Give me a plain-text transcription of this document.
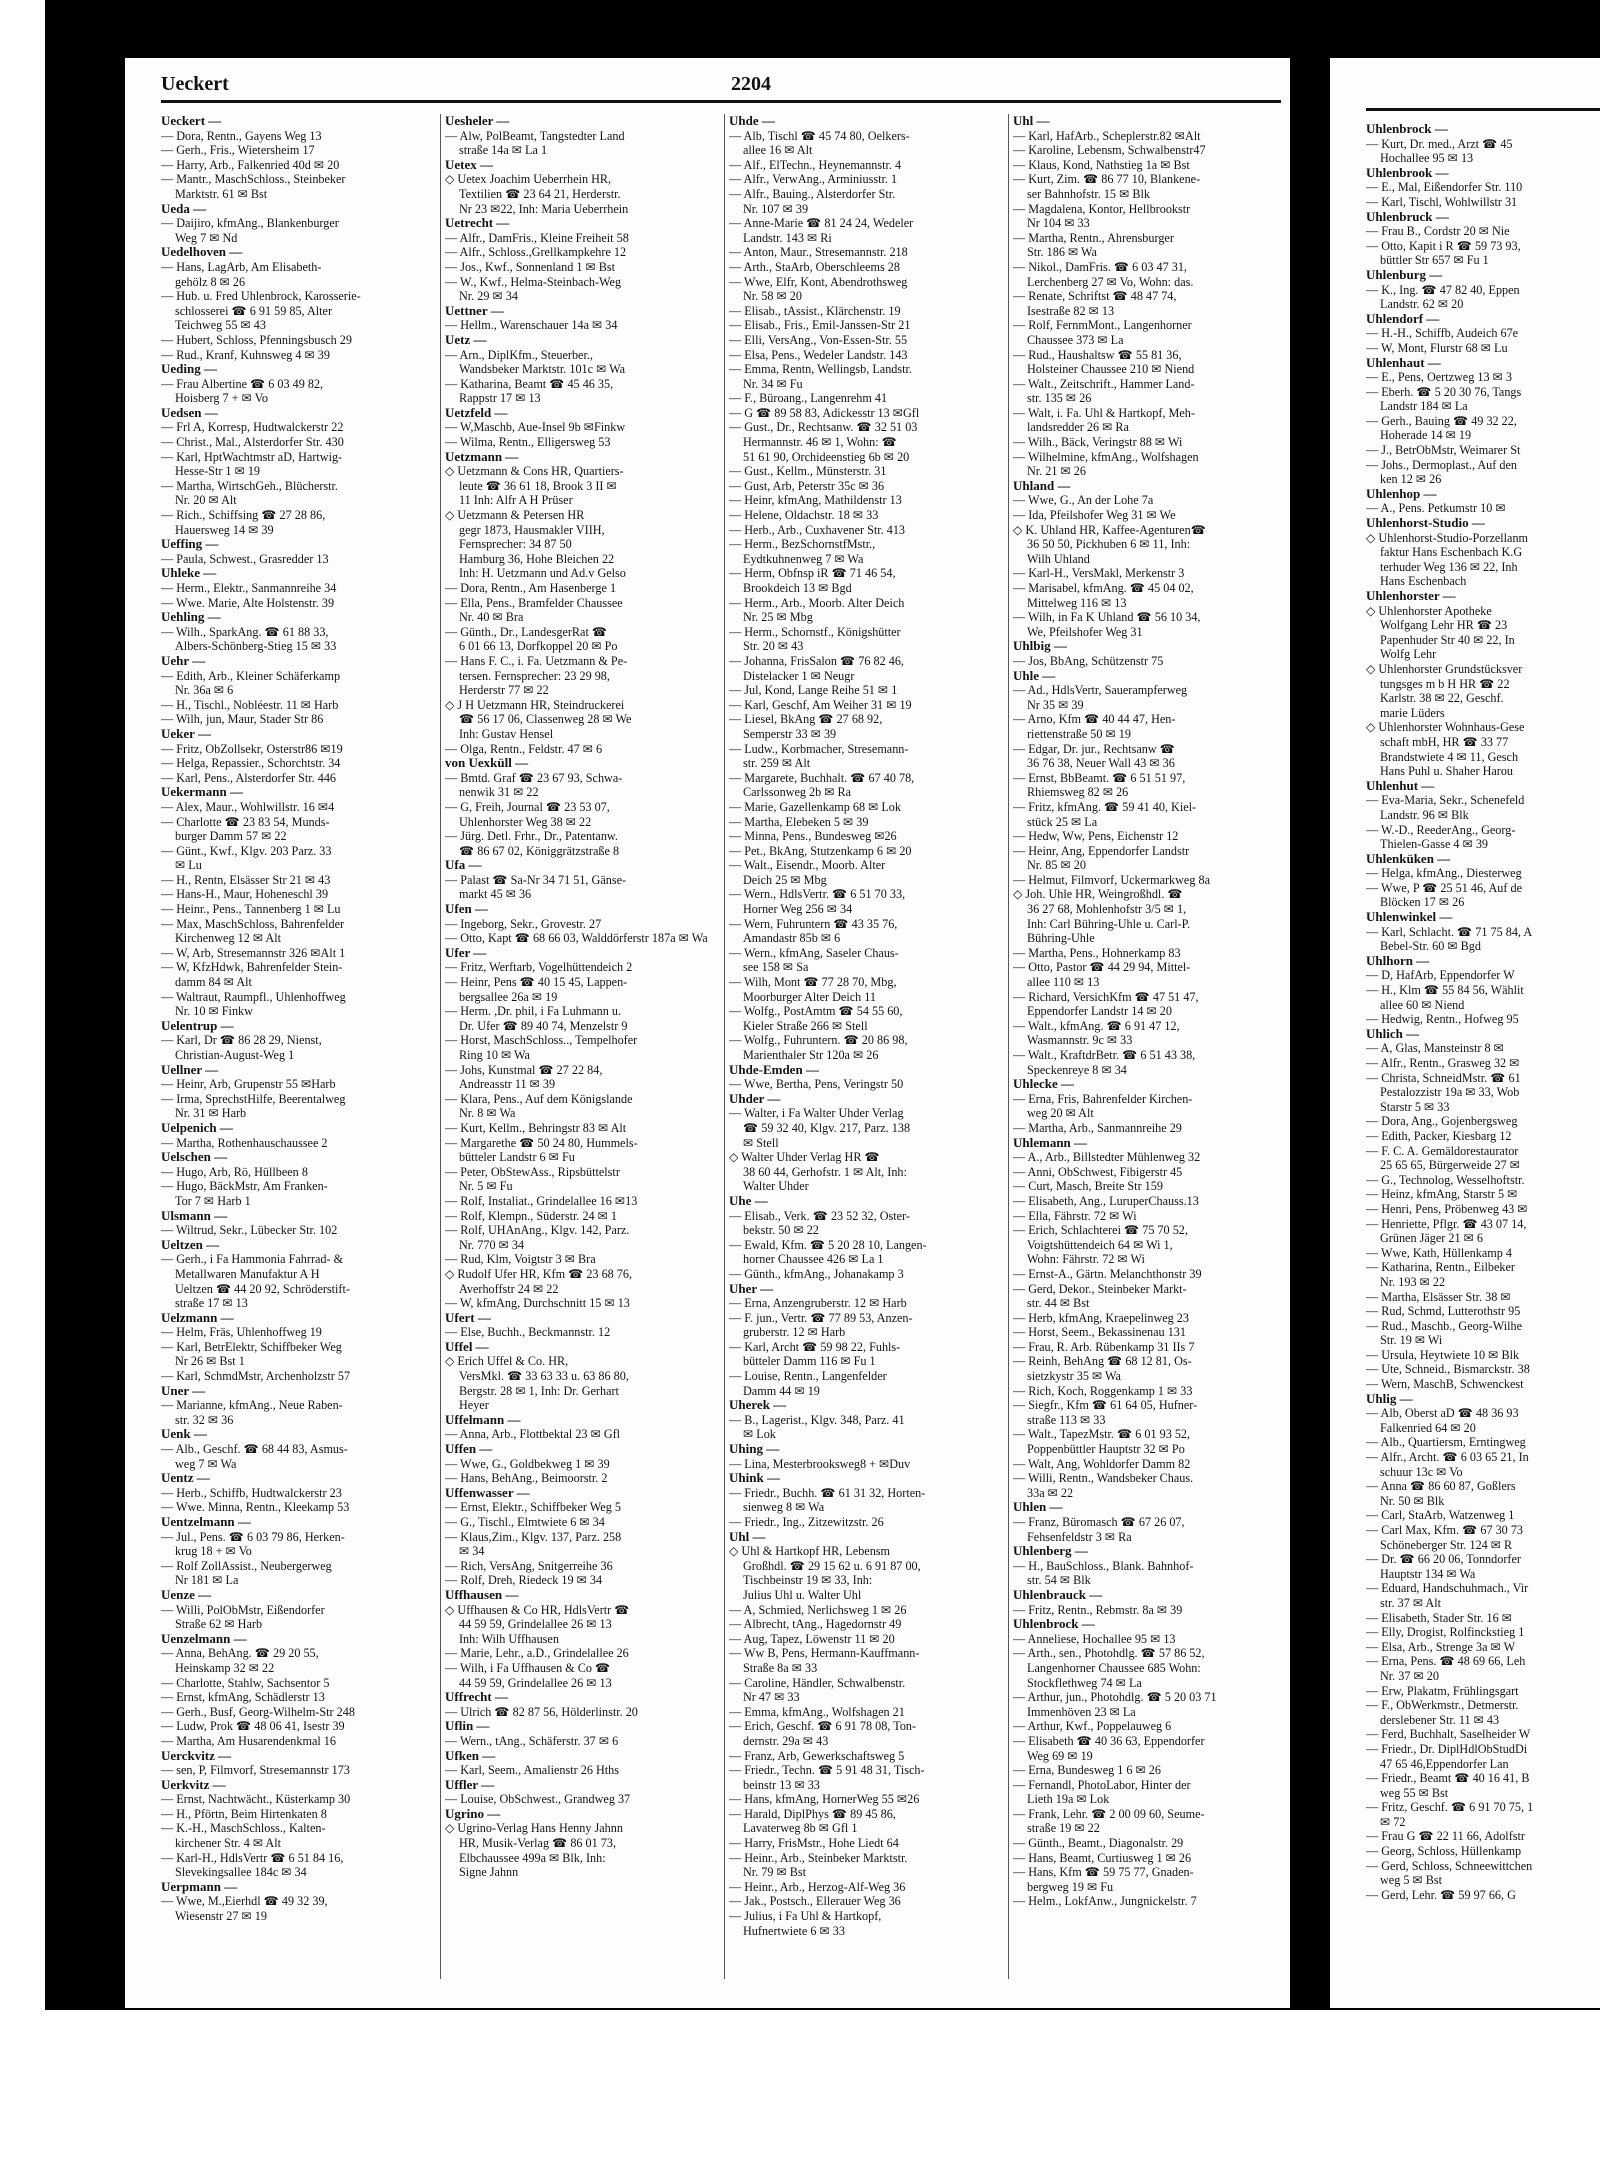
Ueckert	2204
Ueckert —
— Dora, Rentn., Gayens Weg 13
— Gerh., Fris., Wietersheim 17
— Harry, Arb., Falkenried 40d ✉ 20
— Mantr., MaschSchloss., Steinbeker
Marktstr. 61 ✉ Bst
Ueda —
— Daijiro, kfmAng., Blankenburger
Weg 7 ✉ Nd
Uedelhoven —
— Hans, LagArb, Am Elisabeth-
gehölz 8 ✉ 26
— Hub. u. Fred Uhlenbrock, Karosserie-
schlosserei ☎ 6 91 59 85, Alter
Teichweg 55 ✉ 43
— Hubert, Schloss, Pfenningsbusch 29
— Rud., Kranf, Kuhnsweg 4 ✉ 39
Ueding —
— Frau Albertine ☎ 6 03 49 82,
Hoisberg 7 + ✉ Vo
Uedsen —
— Frl A, Korresp, Hudtwalckerstr 22
— Christ., Mal., Alsterdorfer Str. 430
— Karl, HptWachtmstr aD, Hartwig-
Hesse-Str 1 ✉ 19
— Martha, WirtschGeh., Blücherstr.
Nr. 20 ✉ Alt
— Rich., Schiffsing ☎ 27 28 86,
Hauersweg 14 ✉ 39
Ueffing —
— Paula, Schwest., Grasredder 13
Uhleke —
— Herm., Elektr., Sanmannreihe 34
— Wwe. Marie, Alte Holstenstr. 39
Uehling —
— Wilh., SparkAng. ☎ 61 88 33,
Albers-Schönberg-Stieg 15 ✉ 33
Uehr —
— Edith, Arb., Kleiner Schäferkamp
Nr. 36a ✉ 6
— H., Tischl., Nobléestr. 11 ✉ Harb
— Wilh, jun, Maur, Stader Str 86
Ueker —
— Fritz, ObZollsekr, Osterstr86 ✉19
— Helga, Repassier., Schorchtstr. 34
— Karl, Pens., Alsterdorfer Str. 446
Uekermann —
— Alex, Maur., Wohlwillstr. 16 ✉4
— Charlotte ☎ 23 83 54, Munds-
burger Damm 57 ✉ 22
— Günt., Kwf., Klgv. 203 Parz. 33
✉ Lu
— H., Rentn, Elsässer Str 21 ✉ 43
— Hans-H., Maur, Hoheneschl 39
— Heinr., Pens., Tannenberg 1 ✉ Lu
— Max, MaschSchloss, Bahrenfelder
Kirchenweg 12 ✉ Alt
— W, Arb, Stresemannstr 326 ✉Alt 1
— W, KfzHdwk, Bahrenfelder Stein-
damm 84 ✉ Alt
— Waltraut, Raumpfl., Uhlenhoffweg
Nr. 10 ✉ Finkw
Uelentrup —
— Karl, Dr ☎ 86 28 29, Nienst,
Christian-August-Weg 1
Uellner —
— Heinr, Arb, Grupenstr 55 ✉Harb
— Irma, SprechstHilfe, Beerentalweg
Nr. 31 ✉ Harb
Uelpenich —
— Martha, Rothenhauschaussee 2
Uelschen —
— Hugo, Arb, Rö, Hüllbeen 8
— Hugo, BäckMstr, Am Franken-
Tor 7 ✉ Harb 1
Ulsmann —
— Wiltrud, Sekr., Lübecker Str. 102
Ueltzen —
— Gerh., i Fa Hammonia Fahrrad- &
Metallwaren Manufaktur A H
Ueltzen ☎ 44 20 92, Schröderstift-
straße 17 ✉ 13
Uelzmann —
— Helm, Fräs, Uhlenhoffweg 19
— Karl, BetrElektr, Schiffbeker Weg
Nr 26 ✉ Bst 1
— Karl, SchmdMstr, Archenholzstr 57
Uner —
— Marianne, kfmAng., Neue Raben-
str. 32 ✉ 36
Uenk —
— Alb., Geschf. ☎ 68 44 83, Asmus-
weg 7 ✉ Wa
Uentz —
— Herb., Schiffb, Hudtwalckerstr 23
— Wwe. Minna, Rentn., Kleekamp 53
Uentzelmann —
— Jul., Pens. ☎ 6 03 79 86, Herken-
krug 18 + ✉ Vo
— Rolf ZollAssist., Neubergerweg
Nr 181 ✉ La
Uenze —
— Willi, PolObMstr, Eißendorfer
Straße 62 ✉ Harb
Uenzelmann —
— Anna, BehAng. ☎ 29 20 55,
Heinskamp 32 ✉ 22
— Charlotte, Stahlw, Sachsentor 5
— Ernst, kfmAng, Schädlerstr 13
— Gerh., Busf, Georg-Wilhelm-Str 248
— Ludw, Prok ☎ 48 06 41, Isestr 39
— Martha, Am Husarendenkmal 16
Uerckvitz —
— sen, P, Filmvorf, Stresemannstr 173
Uerkvitz —
— Ernst, Nachtwächt., Küsterkamp 30
— H., Pförtn, Beim Hirtenkaten 8
— K.-H., MaschSchloss., Kalten-
kirchener Str. 4 ✉ Alt
— Karl-H., HdlsVertr ☎ 6 51 84 16,
Slevekingsallee 184c ✉ 34
Uerpmann —
— Wwe, M.,Eierhdl ☎ 49 32 39,
Wiesenstr 27 ✉ 19
Uesheler —
— Alw, PolBeamt, Tangstedter Land
straße 14a ✉ La 1
Uetex —
◇ Uetex Joachim Ueberrhein HR,
Textilien ☎ 23 64 21, Herderstr.
Nr 23 ✉22, Inh: Maria Ueberrhein
Uetrecht —
— Alfr., DamFris., Kleine Freiheit 58
— Alfr., Schloss.,Grellkampkehre 12
— Jos., Kwf., Sonnenland 1 ✉ Bst
— W., Kwf., Helma-Steinbach-Weg
Nr. 29 ✉ 34
Uettner —
— Hellm., Warenschauer 14a ✉ 34
Uetz —
— Arn., DiplKfm., Steuerber.,
Wandsbeker Marktstr. 101c ✉ Wa
— Katharina, Beamt ☎ 45 46 35,
Rappstr 17 ✉ 13
Uetzfeld —
— W,Maschb, Aue-Insel 9b ✉Finkw
— Wilma, Rentn., Elligersweg 53
Uetzmann —
◇ Uetzmann & Cons HR, Quartiers-
leute ☎ 36 61 18, Brook 3 II ✉
11 Inh: Alfr A H Prüser
◇ Uetzmann & Petersen HR
gegr 1873, Hausmakler VIIH,
Fernsprecher: 34 87 50
Hamburg 36, Hohe Bleichen 22
Inh: H. Uetzmann und Ad.v Gelso
— Dora, Rentn., Am Hasenberge 1
— Ella, Pens., Bramfelder Chaussee
Nr. 40 ✉ Bra
— Günth., Dr., LandesgerRat ☎
6 01 66 13, Dorfkoppel 20 ✉ Po
— Hans F. C., i. Fa. Uetzmann & Pe-
tersen. Fernsprecher: 23 29 98,
Herderstr 77 ✉ 22
◇ J H Uetzmann HR, Steindruckerei
☎ 56 17 06, Classenweg 28 ✉ We
Inh: Gustav Hensel
— Olga, Rentn., Feldstr. 47 ✉ 6
von Uexküll —
— Bmtd. Graf ☎ 23 67 93, Schwa-
nenwik 31 ✉ 22
— G, Freih, Journal ☎ 23 53 07,
Uhlenhorster Weg 38 ✉ 22
— Jürg. Detl. Frhr., Dr., Patentanw.
☎ 86 67 02, Königgrätzstraße 8
Ufa —
— Palast ☎ Sa-Nr 34 71 51, Gänse-
markt 45 ✉ 36
Ufen —
— Ingeborg, Sekr., Grovestr. 27
— Otto, Kapt ☎ 68 66 03, Walddörferstr 187a ✉ Wa
Ufer —
— Fritz, Werftarb, Vogelhüttendeich 2
— Heinr, Pens ☎ 40 15 45, Lappen-
bergsallee 26a ✉ 19
— Herm. ,Dr. phil, i Fa Luhmann u.
Dr. Ufer ☎ 89 40 74, Menzelstr 9
— Horst, MaschSchloss.., Tempelhofer
Ring 10 ✉ Wa
— Johs, Kunstmal ☎ 27 22 84,
Andreasstr 11 ✉ 39
— Klara, Pens., Auf dem Königslande
Nr. 8 ✉ Wa
— Kurt, Kellm., Behringstr 83 ✉ Alt
— Margarethe ☎ 50 24 80, Hummels-
bütteler Landstr 6 ✉ Fu
— Peter, ObStewAss., Ripsbüttelstr
Nr. 5 ✉ Fu
— Rolf, Instaliat., Grindelallee 16 ✉13
— Rolf, Klempn., Süderstr. 24 ✉ 1
— Rolf, UHAnAng., Klgv. 142, Parz.
Nr. 770 ✉ 34
— Rud, Klm, Voigtstr 3 ✉ Bra
◇ Rudolf Ufer HR, Kfm ☎ 23 68 76,
Averhoffstr 24 ✉ 22
— W, kfmAng, Durchschnitt 15 ✉ 13
Ufert —
— Else, Buchh., Beckmannstr. 12
Uffel —
◇ Erich Uffel & Co. HR,
VersMkl. ☎ 33 63 33 u. 63 86 80,
Bergstr. 28 ✉ 1, Inh: Dr. Gerhart
Heyer
Uffelmann —
— Anna, Arb., Flottbektal 23 ✉ Gfl
Uffen —
— Wwe, G., Goldbekweg 1 ✉ 39
— Hans, BehAng., Beimoorstr. 2
Uffenwasser —
— Ernst, Elektr., Schiffbeker Weg 5
— G., Tischl., Elmtwiete 6 ✉ 34
— Klaus,Zim., Klgv. 137, Parz. 258
✉ 34
— Rich, VersAng, Snitgerreihe 36
— Rolf, Dreh, Riedeck 19 ✉ 34
Uffhausen —
◇ Uffhausen & Co HR, HdlsVertr ☎
44 59 59, Grindelallee 26 ✉ 13
Inh: Wilh Uffhausen
— Marie, Lehr., a.D., Grindelallee 26
— Wilh, i Fa Uffhausen & Co ☎
44 59 59, Grindelallee 26 ✉ 13
Uffrecht —
— Ulrich ☎ 82 87 56, Hölderlinstr. 20
Uflin —
— Wern., tAng., Schäferstr. 37 ✉ 6
Ufken —
— Karl, Seem., Amalienstr 26 Hths
Uffler —
— Louise, ObSchwest., Grandweg 37
Ugrino —
◇ Ugrino-Verlag Hans Henny Jahnn
HR, Musik-Verlag ☎ 86 01 73,
Elbchaussee 499a ✉ Blk, Inh:
Signe Jahnn
Uhde —
— Alb, Tischl ☎ 45 74 80, Oelkers-
allee 16 ✉ Alt
— Alf., ElTechn., Heynemannstr. 4
— Alfr., VerwAng., Arminiusstr. 1
— Alfr., Bauing., Alsterdorfer Str.
Nr. 107 ✉ 39
— Anne-Marie ☎ 81 24 24, Wedeler
Landstr. 143 ✉ Ri
— Anton, Maur., Stresemannstr. 218
— Arth., StaArb, Oberschleems 28
— Wwe, Elfr, Kont, Abendrothsweg
Nr. 58 ✉ 20
— Elisab., tAssist., Klärchenstr. 19
— Elisab., Fris., Emil-Janssen-Str 21
— Elli, VersAng., Von-Essen-Str. 55
— Elsa, Pens., Wedeler Landstr. 143
— Emma, Rentn, Wellingsb, Landstr.
Nr. 34 ✉ Fu
— F., Büroang., Langenrehm 41
— G ☎ 89 58 83, Adickesstr 13 ✉Gfl
— Gust., Dr., Rechtsanw. ☎ 32 51 03
Hermannstr. 46 ✉ 1, Wohn: ☎
51 61 90, Orchideenstieg 6b ✉ 20
— Gust., Kellm., Münsterstr. 31
— Gust, Arb, Peterstr 35c ✉ 36
— Heinr, kfmAng, Mathildenstr 13
— Helene, Oldachstr. 18 ✉ 33
— Herb., Arb., Cuxhavener Str. 413
— Herm., BezSchornstfMstr.,
Eydtkuhnenweg 7 ✉ Wa
— Herm, Obfnsp iR ☎ 71 46 54,
Brookdeich 13 ✉ Bgd
— Herm., Arb., Moorb. Alter Deich
Nr. 25 ✉ Mbg
— Herm., Schornstf., Königshütter
Str. 20 ✉ 43
— Johanna, FrisSalon ☎ 76 82 46,
Distelacker 1 ✉ Neugr
— Jul, Kond, Lange Reihe 51 ✉ 1
— Karl, Geschf, Am Weiher 31 ✉ 19
— Liesel, BkAng ☎ 27 68 92,
Semperstr 33 ✉ 39
— Ludw., Korbmacher, Stresemann-
str. 259 ✉ Alt
— Margarete, Buchhalt. ☎ 67 40 78,
Carlssonweg 2b ✉ Ra
— Marie, Gazellenkamp 68 ✉ Lok
— Martha, Elebeken 5 ✉ 39
— Minna, Pens., Bundesweg ✉26
— Pet., BkAng, Stutzenkamp 6 ✉ 20
— Walt., Eisendr., Moorb. Alter
Deich 25 ✉ Mbg
— Wern., HdlsVertr. ☎ 6 51 70 33,
Horner Weg 256 ✉ 34
— Wern, Fuhruntern ☎ 43 35 76,
Amandastr 85b ✉ 6
— Wern., kfmAng, Saseler Chaus-
see 158 ✉ Sa
— Wilh, Mont ☎ 77 28 70, Mbg,
Moorburger Alter Deich 11
— Wolfg., PostAmtm ☎ 54 55 60,
Kieler Straße 266 ✉ Stell
— Wolfg., Fuhruntern. ☎ 20 86 98,
Marienthaler Str 120a ✉ 26
Uhde-Emden —
— Wwe, Bertha, Pens, Veringstr 50
Uhder —
— Walter, i Fa Walter Uhder Verlag
☎ 59 32 40, Klgv. 217, Parz. 138
✉ Stell
◇ Walter Uhder Verlag HR ☎
38 60 44, Gerhofstr. 1 ✉ Alt, Inh:
Walter Uhder
Uhe —
— Elisab., Verk. ☎ 23 52 32, Oster-
bekstr. 50 ✉ 22
— Ewald, Kfm. ☎ 5 20 28 10, Langen-
horner Chaussee 426 ✉ La 1
— Günth., kfmAng., Johanakamp 3
Uher —
— Erna, Anzengruberstr. 12 ✉ Harb
— F. jun., Vertr. ☎ 77 89 53, Anzen-
gruberstr. 12 ✉ Harb
— Karl, Archt ☎ 59 98 22, Fuhls-
bütteler Damm 116 ✉ Fu 1
— Louise, Rentn., Langenfelder
Damm 44 ✉ 19
Uherek —
— B., Lagerist., Klgv. 348, Parz. 41
✉ Lok
Uhing —
— Lina, Mesterbrooksweg8 + ✉Duv
Uhink —
— Friedr., Buchh. ☎ 61 31 32, Horten-
sienweg 8 ✉ Wa
— Friedr., Ing., Zitzewitzstr. 26
Uhl —
◇ Uhl & Hartkopf HR, Lebensm
Großhdl. ☎ 29 15 62 u. 6 91 87 00,
Tischbeinstr 19 ✉ 33, Inh:
Julius Uhl u. Walter Uhl
— A, Schmied, Nerlichsweg 1 ✉ 26
— Albrecht, tAng., Hagedornstr 49
— Aug, Tapez, Löwenstr 11 ✉ 20
— Ww B, Pens, Hermann-Kauffmann-
Straße 8a ✉ 33
— Caroline, Händler, Schwalbenstr.
Nr 47 ✉ 33
— Emma, kfmAng., Wolfshagen 21
— Erich, Geschf. ☎ 6 91 78 08, Ton-
dernstr. 29a ✉ 43
— Franz, Arb, Gewerkschaftsweg 5
— Friedr., Techn. ☎ 5 91 48 31, Tisch-
beinstr 13 ✉ 33
— Hans, kfmAng, HornerWeg 55 ✉26
— Harald, DiplPhys ☎ 89 45 86,
Lavaterweg 8b ✉ Gfl 1
— Harry, FrisMstr., Hohe Liedt 64
— Heinr., Arb., Steinbeker Marktstr.
Nr. 79 ✉ Bst
— Heinr., Arb., Herzog-Alf-Weg 36
— Jak., Postsch., Ellerauer Weg 36
— Julius, i Fa Uhl & Hartkopf,
Hufnertwiete 6 ✉ 33
Uhl —
— Karl, HafArb., Scheplerstr.82 ✉Alt
— Karoline, Lebensm, Schwalbenstr47
— Klaus, Kond, Nathstieg 1a ✉ Bst
— Kurt, Zim. ☎ 86 77 10, Blankene-
ser Bahnhofstr. 15 ✉ Blk
— Magdalena, Kontor, Hellbrookstr
Nr 104 ✉ 33
— Martha, Rentn., Ahrensburger
Str. 186 ✉ Wa
— Nikol., DamFris. ☎ 6 03 47 31,
Lerchenberg 27 ✉ Vo, Wohn: das.
— Renate, Schriftst ☎ 48 47 74,
Isestraße 82 ✉ 13
— Rolf, FernmMont., Langenhorner
Chaussee 373 ✉ La
— Rud., Haushaltsw ☎ 55 81 36,
Holsteiner Chaussee 210 ✉ Niend
— Walt., Zeitschrift., Hammer Land-
str. 135 ✉ 26
— Walt, i. Fa. Uhl & Hartkopf, Meh-
landsredder 26 ✉ Ra
— Wilh., Bäck, Veringstr 88 ✉ Wi
— Wilhelmine, kfmAng., Wolfshagen
Nr. 21 ✉ 26
Uhland —
— Wwe, G., An der Lohe 7a
— Ida, Pfeilshofer Weg 31 ✉ We
◇ K. Uhland HR, Kaffee-Agenturen☎
36 50 50, Pickhuben 6 ✉ 11, Inh:
Wilh Uhland
— Karl-H., VersMakl, Merkenstr 3
— Marisabel, kfmAng. ☎ 45 04 02,
Mittelweg 116 ✉ 13
— Wilh, in Fa K Uhland ☎ 56 10 34,
We, Pfeilshofer Weg 31
Uhlbig —
— Jos, BbAng, Schützenstr 75
Uhle —
— Ad., HdlsVertr, Sauerampferweg
Nr 35 ✉ 39
— Arno, Kfm ☎ 40 44 47, Hen-
riettenstraße 50 ✉ 19
— Edgar, Dr. jur., Rechtsanw ☎
36 76 38, Neuer Wall 43 ✉ 36
— Ernst, BbBeamt. ☎ 6 51 51 97,
Rhiemsweg 82 ✉ 26
— Fritz, kfmAng. ☎ 59 41 40, Kiel-
stück 25 ✉ La
— Hedw, Ww, Pens, Eichenstr 12
— Heinr, Ang, Eppendorfer Landstr
Nr. 85 ✉ 20
— Helmut, Filmvorf, Uckermarkweg 8a
◇ Joh. Uhle HR, Weingroßhdl. ☎
36 27 68, Mohlenhofstr 3/5 ✉ 1,
Inh: Carl Bühring-Uhle u. Carl-P.
Bühring-Uhle
— Martha, Pens., Hohnerkamp 83
— Otto, Pastor ☎ 44 29 94, Mittel-
allee 110 ✉ 13
— Richard, VersichKfm ☎ 47 51 47,
Eppendorfer Landstr 14 ✉ 20
— Walt., kfmAng. ☎ 6 91 47 12,
Wasmannstr. 9c ✉ 33
— Walt., KraftdrBetr. ☎ 6 51 43 38,
Speckenreye 8 ✉ 34
Uhlecke —
— Erna, Fris, Bahrenfelder Kirchen-
weg 20 ✉ Alt
— Martha, Arb., Sanmannreihe 29
Uhlemann —
— A., Arb., Billstedter Mühlenweg 32
— Anni, ObSchwest, Fibigerstr 45
— Curt, Masch, Breite Str 159
— Elisabeth, Ang., LuruperChauss.13
— Ella, Fährstr. 72 ✉ Wi
— Erich, Schlachterei ☎ 75 70 52,
Voigtshüttendeich 64 ✉ Wi 1,
Wohn: Fährstr. 72 ✉ Wi
— Ernst-A., Gärtn. Melanchthonstr 39
— Gerd, Dekor., Steinbeker Markt-
str. 44 ✉ Bst
— Herb, kfmAng, Kraepelinweg 23
— Horst, Seem., Bekassinenau 131
— Frau, R. Arb. Rübenkamp 31 IIs 7
— Reinh, BehAng ☎ 68 12 81, Os-
sietzkystr 35 ✉ Wa
— Rich, Koch, Roggenkamp 1 ✉ 33
— Siegfr., Kfm ☎ 61 64 05, Hufner-
straße 113 ✉ 33
— Walt., TapezMstr. ☎ 6 01 93 52,
Poppenbüttler Hauptstr 32 ✉ Po
— Walt, Ang, Wohldorfer Damm 82
— Willi, Rentn., Wandsbeker Chaus.
33a ✉ 22
Uhlen —
— Franz, Büromasch ☎ 67 26 07,
Fehsenfeldstr 3 ✉ Ra
Uhlenberg —
— H., BauSchloss., Blank. Bahnhof-
str. 54 ✉ Blk
Uhlenbrauck —
— Fritz, Rentn., Rebmstr. 8a ✉ 39
Uhlenbrock —
— Anneliese, Hochallee 95 ✉ 13
— Arth., sen., Photohdlg. ☎ 57 86 52,
Langenhorner Chaussee 685 Wohn:
Stockflethweg 74 ✉ La
— Arthur, jun., Photohdlg. ☎ 5 20 03 71
Immenhöven 23 ✉ La
— Arthur, Kwf., Poppelauweg 6
— Elisabeth ☎ 40 36 63, Eppendorfer
Weg 69 ✉ 19
— Erna, Bundesweg 1 6 ✉ 26
— Fernandl, PhotoLabor, Hinter der
Lieth 19a ✉ Lok
— Frank, Lehr. ☎ 2 00 09 60, Seume-
straße 19 ✉ 22
— Günth., Beamt., Diagonalstr. 29
— Hans, Beamt, Curtiusweg 1 ✉ 26
— Hans, Kfm ☎ 59 75 77, Gnaden-
bergweg 19 ✉ Fu
— Helm., LokfAnw., Jungnickelstr. 7
Uhlenbrock —
— Kurt, Dr. med., Arzt ☎ 45
Hochallee 95 ✉ 13
Uhlenbrook —
— E., Mal, Eißendorfer Str. 110
— Karl, Tischl, Wohlwillstr 31
Uhlenbruck —
— Frau B., Cordstr 20 ✉ Nie
— Otto, Kapit i R ☎ 59 73 93,
büttler Str 657 ✉ Fu 1
Uhlenburg —
— K., Ing. ☎ 47 82 40, Eppen
Landstr. 62 ✉ 20
Uhlendorf —
— H.-H., Schiffb, Audeich 67e
— W, Mont, Flurstr 68 ✉ Lu
Uhlenhaut —
— E., Pens, Oertzweg 13 ✉ 3
— Eberh. ☎ 5 20 30 76, Tangs
Landstr 184 ✉ La
— Gerh., Bauing ☎ 49 32 22,
Hoheradе 14 ✉ 19
— J., BetrObMstr, Weimarer St
— Johs., Dermoplast., Auf den
ken 12 ✉ 26
Uhlenhop —
— A., Pens. Petkumstr 10 ✉
Uhlenhorst-Studio —
◇ Uhlenhorst-Studio-Porzellanm
faktur Hans Eschenbach K.G
terhuder Weg 136 ✉ 22, Inh
Hans Eschenbach
Uhlenhorster —
◇ Uhlenhorster Apotheke
Wolfgang Lehr HR ☎ 23
Papenhuder Str 40 ✉ 22, In
Wolfg Lehr
◇ Uhlenhorster Grundstücksver
tungsges m b H HR ☎ 22
Karlstr. 38 ✉ 22, Geschf.
marie Lüders
◇ Uhlenhorster Wohnhaus-Gese
schaft mbH, HR ☎ 33 77
Brandstwiete 4 ✉ 11, Gesch
Hans Puhl u. Shaher Harou
Uhlenhut —
— Eva-Maria, Sekr., Schenefeld
Landstr. 96 ✉ Blk
— W.-D., ReederAng., Georg-
Thielen-Gasse 4 ✉ 39
Uhlenküken —
— Helga, kfmAng., Diesterweg
— Wwe, P ☎ 25 51 46, Auf de
Blöcken 17 ✉ 26
Uhlenwinkel —
— Karl, Schlacht. ☎ 71 75 84, A
Bebel-Str. 60 ✉ Bgd
Uhlhorn —
— D, HafArb, Eppendorfer W
— H., Klm ☎ 55 84 56, Wählit
allee 60 ✉ Niend
— Hedwig, Rentn., Hofweg 95
Uhlich —
— A, Glas, Mansteinstr 8 ✉
— Alfr., Rentn., Grasweg 32 ✉
— Christa, SchneidMstr. ☎ 61
Pestalozzistr 19a ✉ 33, Wob
Starstr 5 ✉ 33
— Dora, Ang., Gojenbergsweg
— Edith, Packer, Kiesbarg 12
— F. C. A. Gemäldorestaurator
25 65 65, Bürgerweide 27 ✉
— G., Technolog, Wesselhoftstr.
— Heinz, kfmAng, Starstr 5 ✉
— Henri, Pens, Pröbenweg 43 ✉
— Henriette, Pflgr. ☎ 43 07 14,
Grünen Jäger 21 ✉ 6
— Wwe, Kath, Hüllenkamp 4
— Katharina, Rentn., Eilbeker
Nr. 193 ✉ 22
— Martha, Elsässer Str. 38 ✉
— Rud, Schmd, Lutterothstr 95
— Rud., Maschb., Georg-Wilhe
Str. 19 ✉ Wi
— Ursula, Heytwiete 10 ✉ Blk
— Ute, Schneid., Bismarckstr. 38
— Wern, MaschB, Schwenckest
Uhlig —
— Alb, Oberst aD ☎ 48 36 93
Falkenried 64 ✉ 20
— Alb., Quartiersm, Erntingweg
— Alfr., Archt. ☎ 6 03 65 21, In
schuur 13c ✉ Vo
— Anna ☎ 86 60 87, Goßlers
Nr. 50 ✉ Blk
— Carl, StaArb, Watzenweg 1
— Carl Max, Kfm. ☎ 67 30 73
Schöneberger Str. 124 ✉ R
— Dr. ☎ 66 20 06, Tonndorfer
Hauptstr 134 ✉ Wa
— Eduard, Handschuhmach., Vir
str. 37 ✉ Alt
— Elisabeth, Stader Str. 16 ✉
— Elly, Drogist, Rolfinckstieg 1
— Elsa, Arb., Strenge 3a ✉ W
— Erna, Pens. ☎ 48 69 66, Leh
Nr. 37 ✉ 20
— Erw, Plakatm, Frühlingsgart
— F., ObWerkmstr., Detmerstr.
derslebener Str. 11 ✉ 43
— Ferd, Buchhalt, Saselheider W
— Friedr., Dr. DiplHdlObStudDi
47 65 46,Eppendorfer Lan
— Friedr., Beamt ☎ 40 16 41, B
weg 55 ✉ Bst
— Fritz, Geschf. ☎ 6 91 70 75, 1
✉ 72
— Frau G ☎ 22 11 66, Adolfstr
— Georg, Schloss, Hüllenkamp
— Gerd, Schloss, Schneewittchen
weg 5 ✉ Bst
— Gerd, Lehr. ☎ 59 97 66, G
